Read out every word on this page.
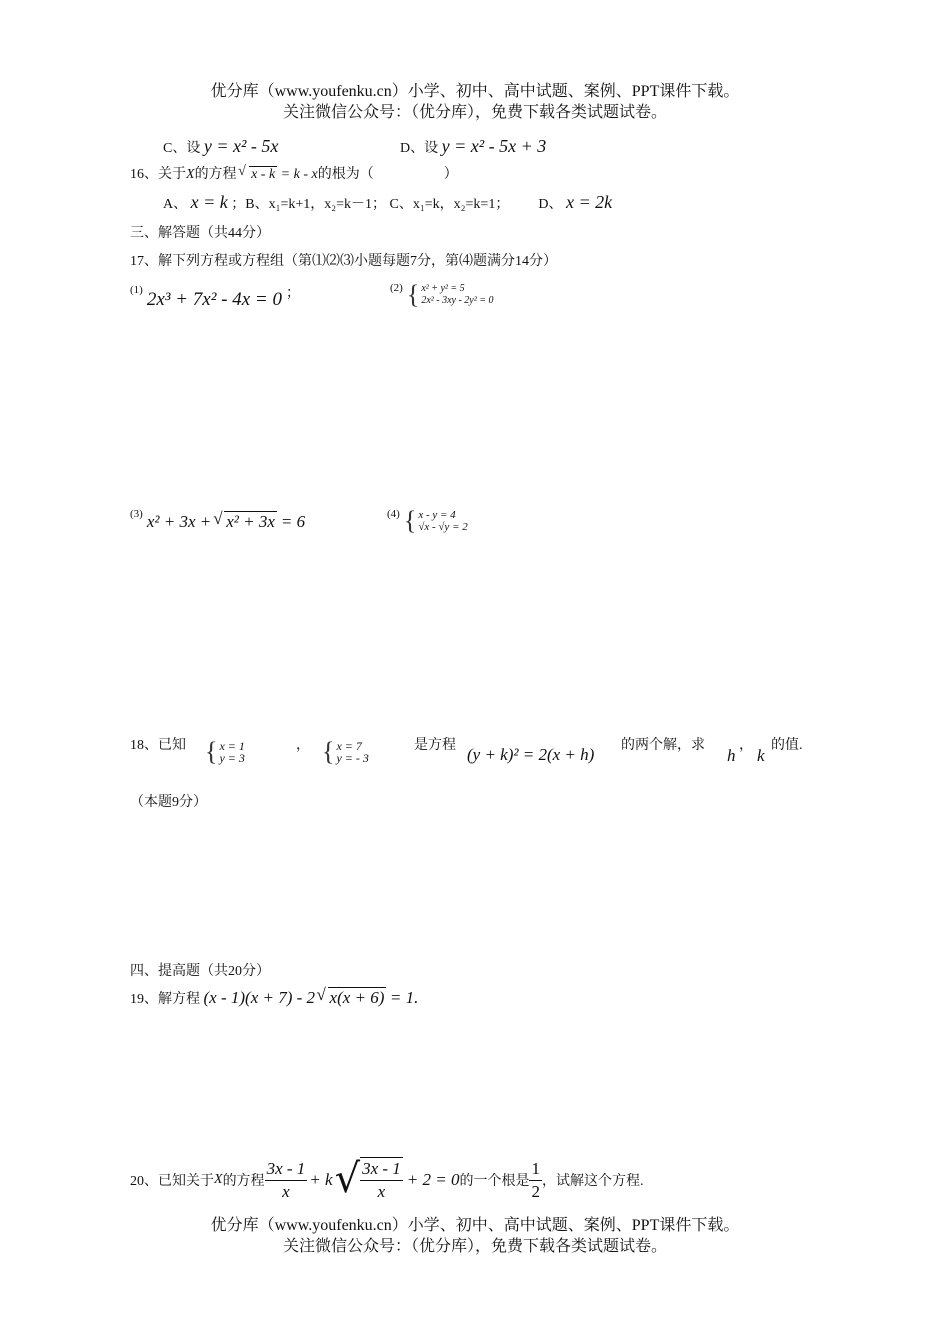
优分库（www.youfenku.cn）小学、初中、高中试题、案例、PPT课件下载。
关注微信公众号：（优分库），免费下载各类试题试卷。
C、设 y = x² - 5x	D、设 y = x² - 5x + 3
16、关于X的方程 √ x - k = k - x的根为（　　　　　）
A、 x = k ；B、x₁=k+1，x₂=k－1； C、x₁=k，x₂=k=1； D、 x = 2k
三、解答题（共44分）
17、解下列方程或方程组（第⑴⑵⑶小题每题7分，第⑷题满分14分）
$^{(1)}$ 2x³ + 7x² - 4x = 0 ；	$^{(2)}$ { x² + y² = 5
2x² - 3xy - 2y² = 0
$^{(3)}$ x² + 3x + √ x² + 3x = 6	$^{(4)}$ { x - y = 4
√x - √y = 2
18、已知 { x = 1
y = 3
， { x = 7
y = - 3
是方程 (y + k)² = 2(x + h) 的两个解，求
h
，
k
的值.
（本题9分）
四、提高题（共20分）
19、解方程 (x - 1)(x + 7) - 2 √ x(x + 6) = 1.
20、已知关于 X 的方程 $\frac{3x - 1}{x} + k$ √ $\frac{3x - 1}{x} + 2 = 0$ 的一个根是 $\frac{1}{2}$ ，试解这个方程.
优分库（www.youfenku.cn）小学、初中、高中试题、案例、PPT课件下载。
关注微信公众号：（优分库），免费下载各类试题试卷。
